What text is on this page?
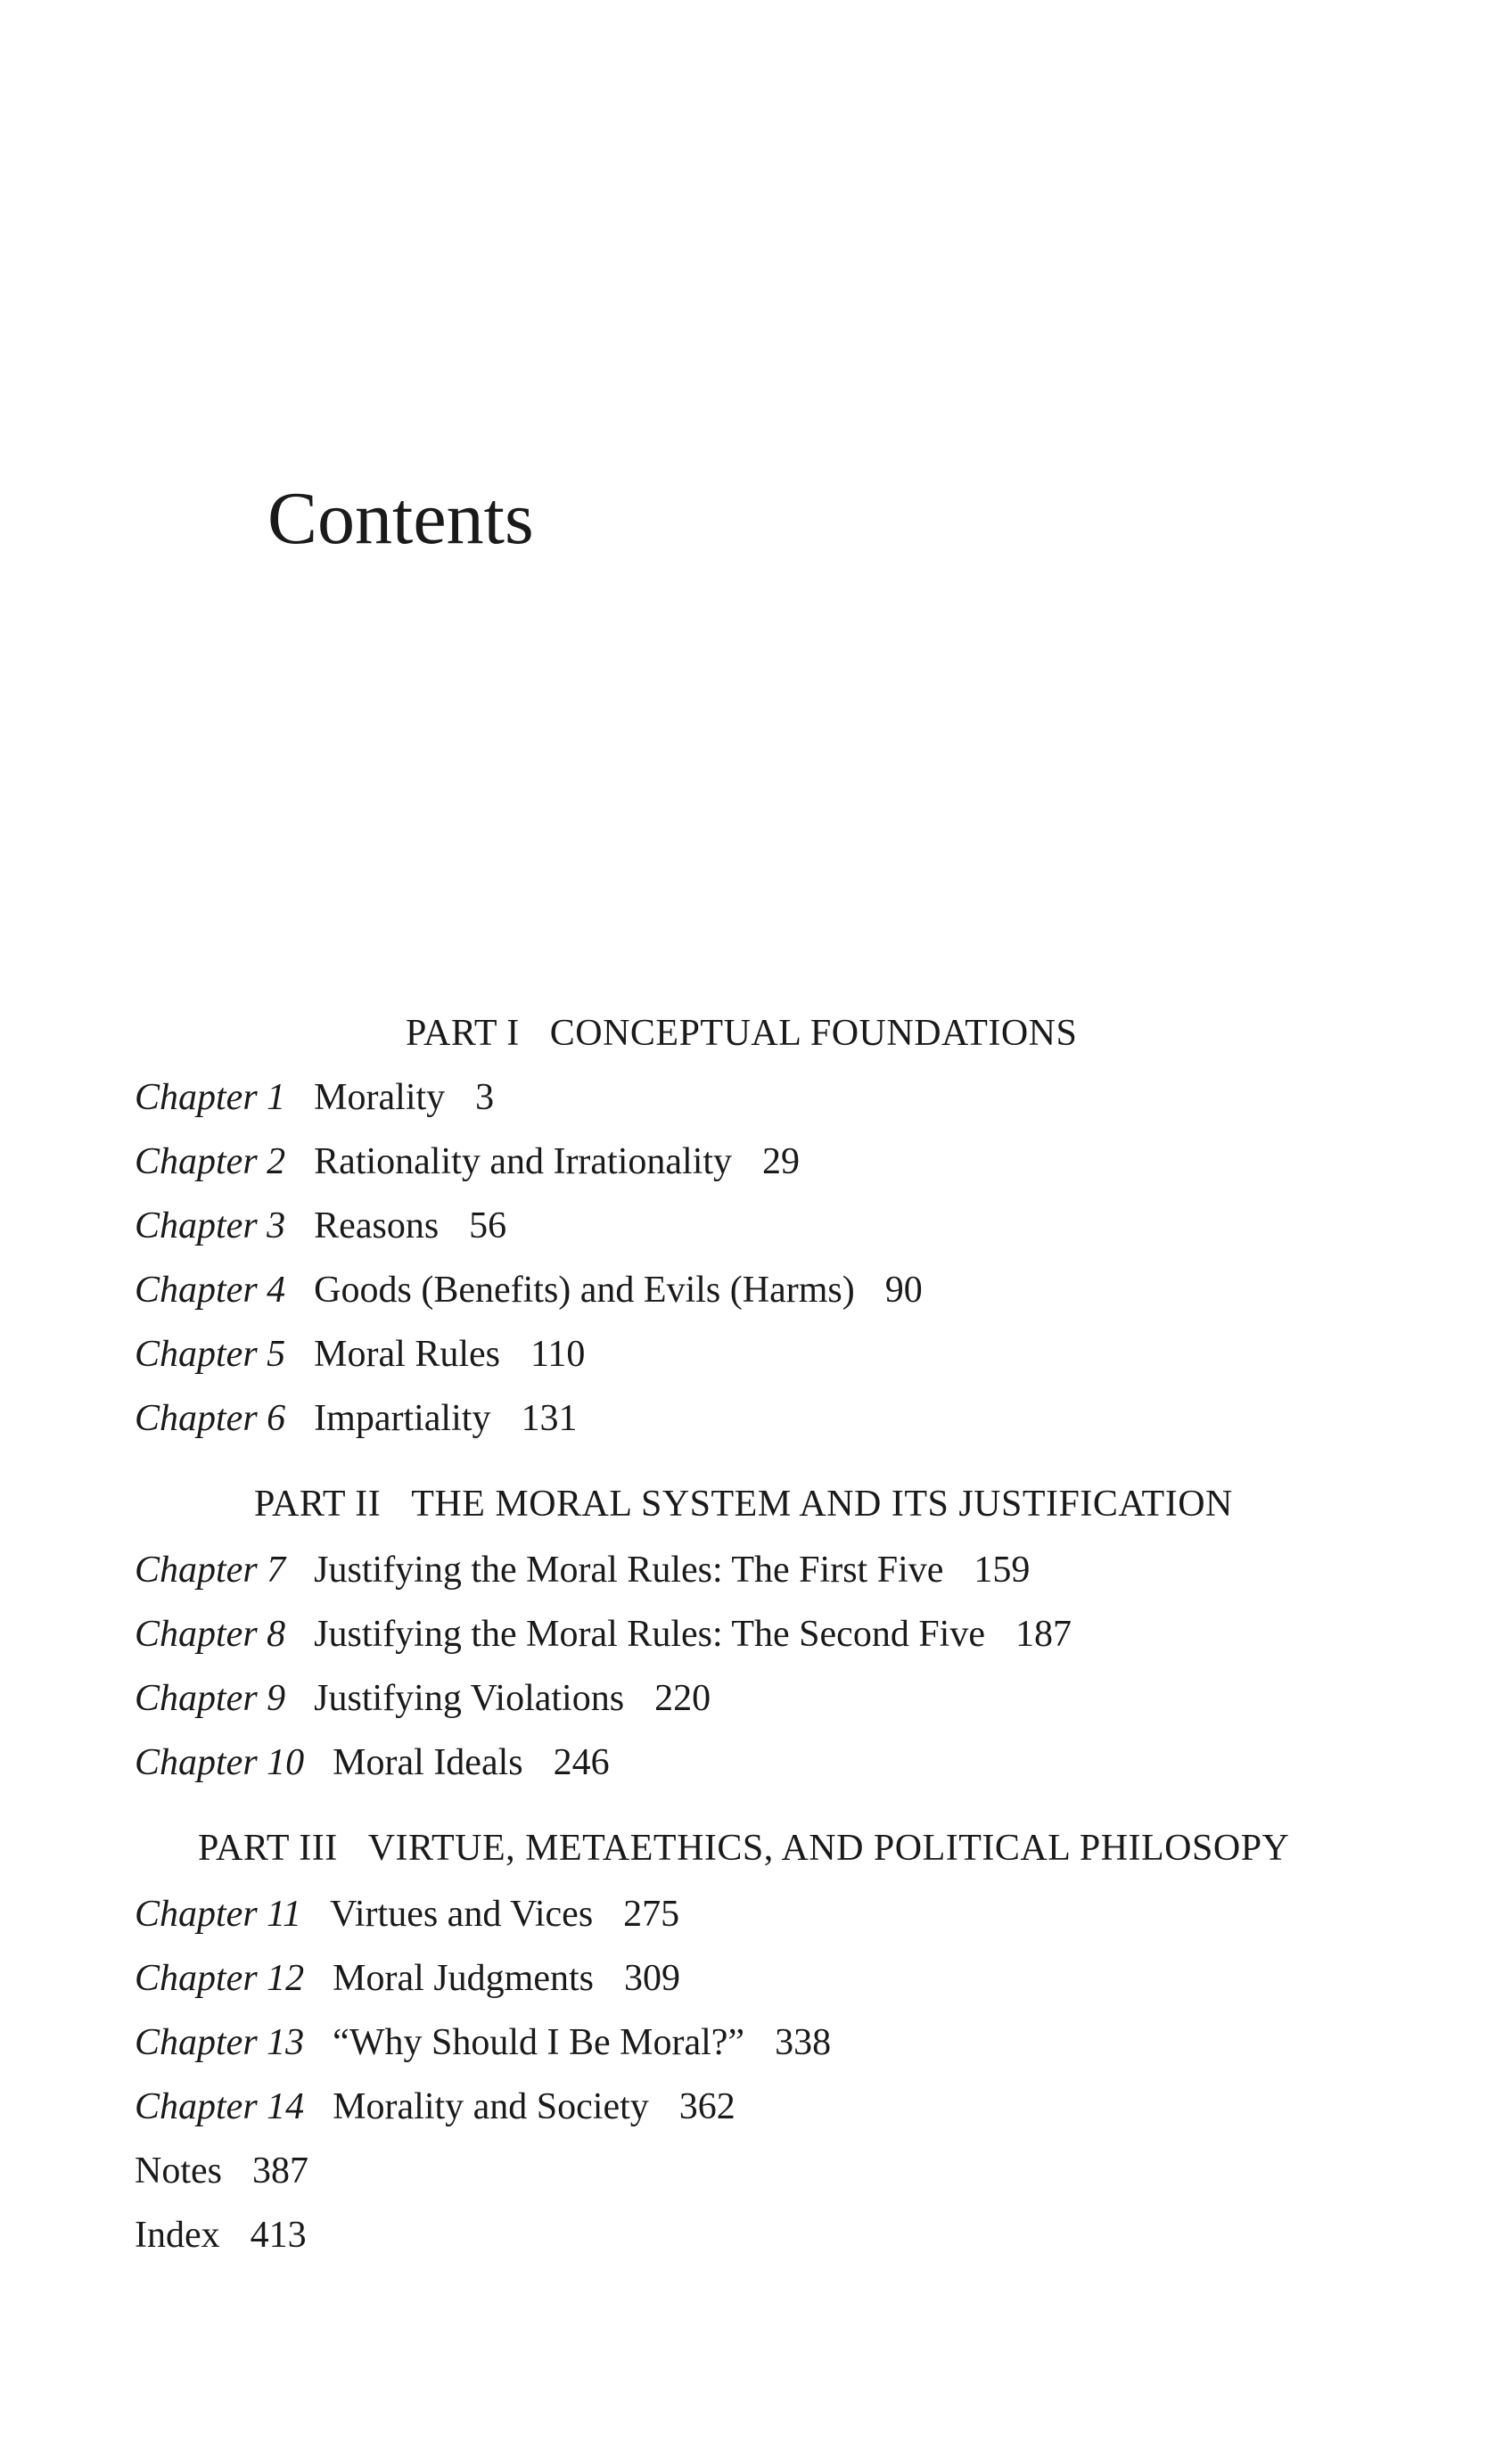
Contents
PART I CONCEPTUAL FOUNDATIONS
Chapter 1 Morality 3
Chapter 2 Rationality and Irrationality 29
Chapter 3 Reasons 56
Chapter 4 Goods (Benefits) and Evils (Harms) 90
Chapter 5 Moral Rules 110
Chapter 6 Impartiality 131
PART II THE MORAL SYSTEM AND ITS JUSTIFICATION
Chapter 7 Justifying the Moral Rules: The First Five 159
Chapter 8 Justifying the Moral Rules: The Second Five 187
Chapter 9 Justifying Violations 220
Chapter 10 Moral Ideals 246
PART III VIRTUE, METAETHICS, AND POLITICAL PHILOSOPY
Chapter 11 Virtues and Vices 275
Chapter 12 Moral Judgments 309
Chapter 13 “Why Should I Be Moral?” 338
Chapter 14 Morality and Society 362
Notes 387
Index 413
